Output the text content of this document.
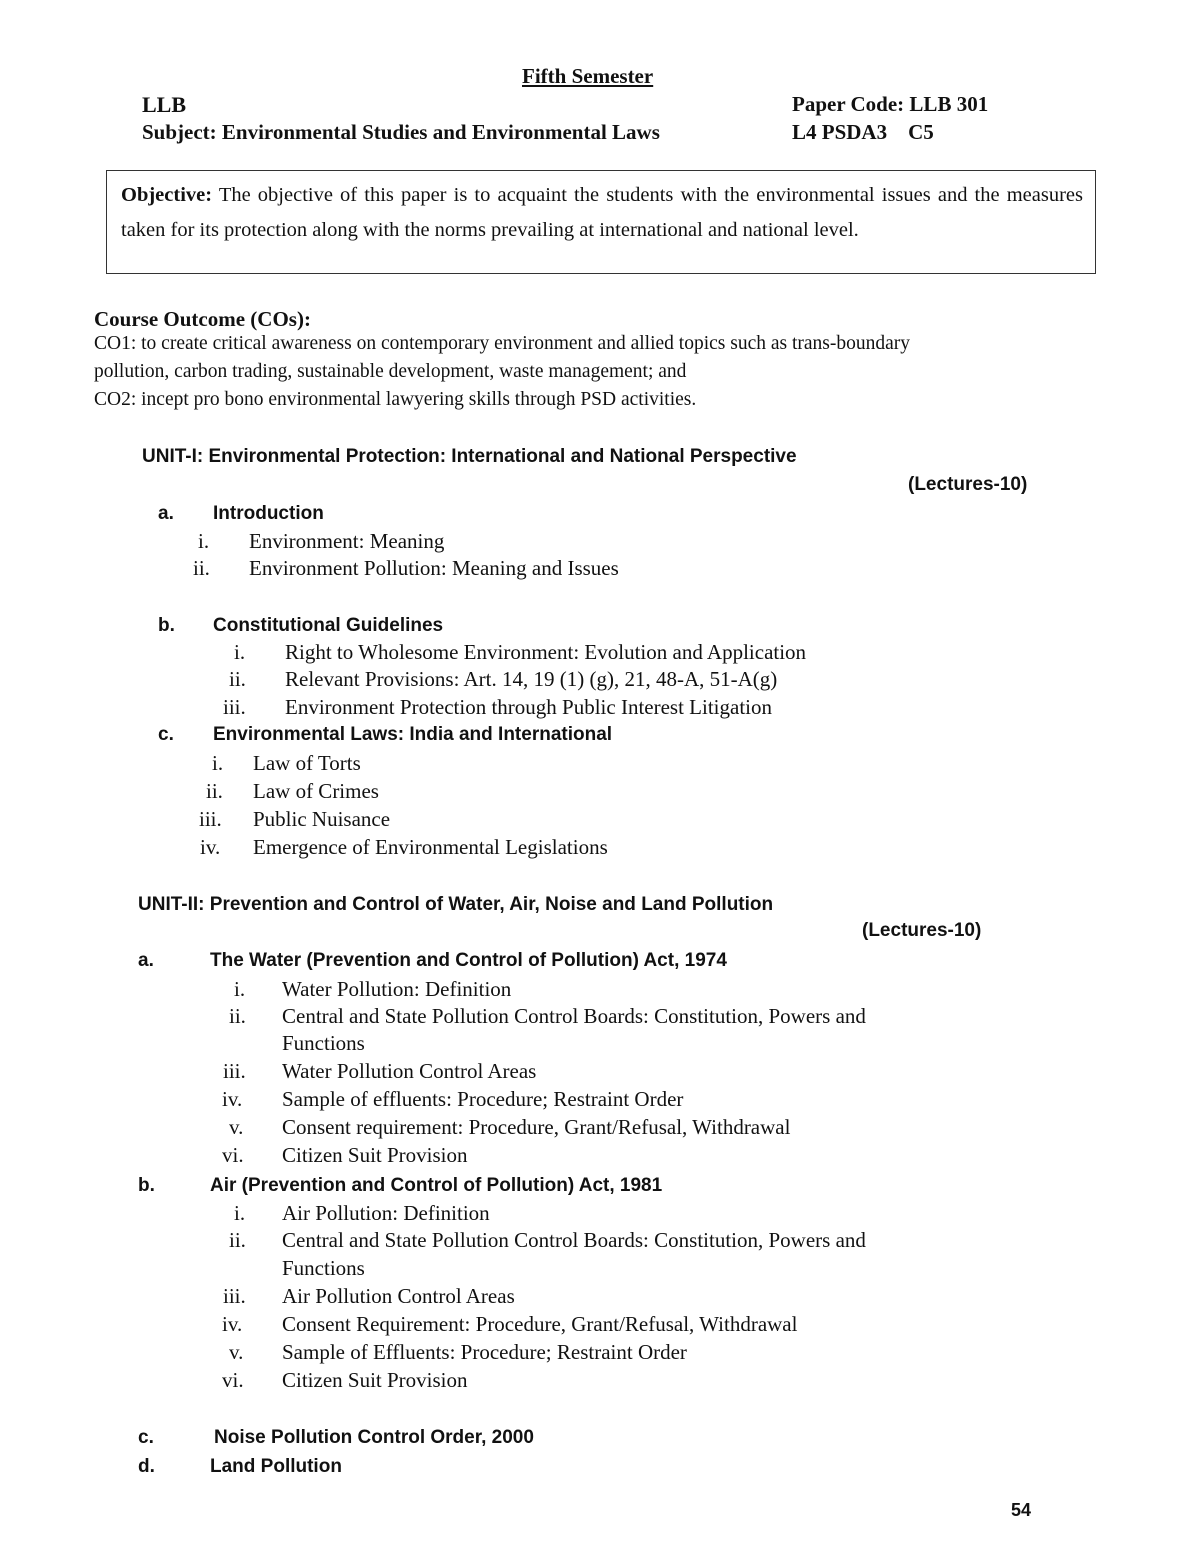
Fifth Semester
LLB	Paper Code: LLB 301
Subject: Environmental Studies and Environmental Laws	L4 PSDA3    C5
Objective: The objective of this paper is to acquaint the students with the environmental issues and the measures taken for its protection along with the norms prevailing at international and national level.
Course Outcome (COs):
CO1: to create critical awareness on contemporary environment and allied topics such as trans-boundary
pollution, carbon trading, sustainable development, waste management; and
CO2: incept pro bono environmental lawyering skills through PSD activities.
UNIT-I: Environmental Protection: International and National Perspective
(Lectures-10)
a. Introduction
i. Environment: Meaning
ii. Environment Pollution: Meaning and Issues
b. Constitutional Guidelines
i. Right to Wholesome Environment: Evolution and Application
ii. Relevant Provisions: Art. 14, 19 (1) (g), 21, 48-A, 51-A(g)
iii. Environment Protection through Public Interest Litigation
c. Environmental Laws: India and International
i. Law of Torts
ii. Law of Crimes
iii. Public Nuisance
iv. Emergence of Environmental Legislations
UNIT-II: Prevention and Control of Water, Air, Noise and Land Pollution
(Lectures-10)
a.	The Water (Prevention and Control of Pollution) Act, 1974
i. Water Pollution: Definition
ii. Central and State Pollution Control Boards: Constitution, Powers and
Functions
iii. Water Pollution Control Areas
iv. Sample of effluents: Procedure; Restraint Order
v. Consent requirement: Procedure, Grant/Refusal, Withdrawal
vi. Citizen Suit Provision
b.	Air (Prevention and Control of Pollution) Act, 1981
i. Air Pollution: Definition
ii. Central and State Pollution Control Boards: Constitution, Powers and
Functions
iii. Air Pollution Control Areas
iv. Consent Requirement: Procedure, Grant/Refusal, Withdrawal
v. Sample of Effluents: Procedure; Restraint Order
vi. Citizen Suit Provision
c.	Noise Pollution Control Order, 2000
d.	Land Pollution
54
